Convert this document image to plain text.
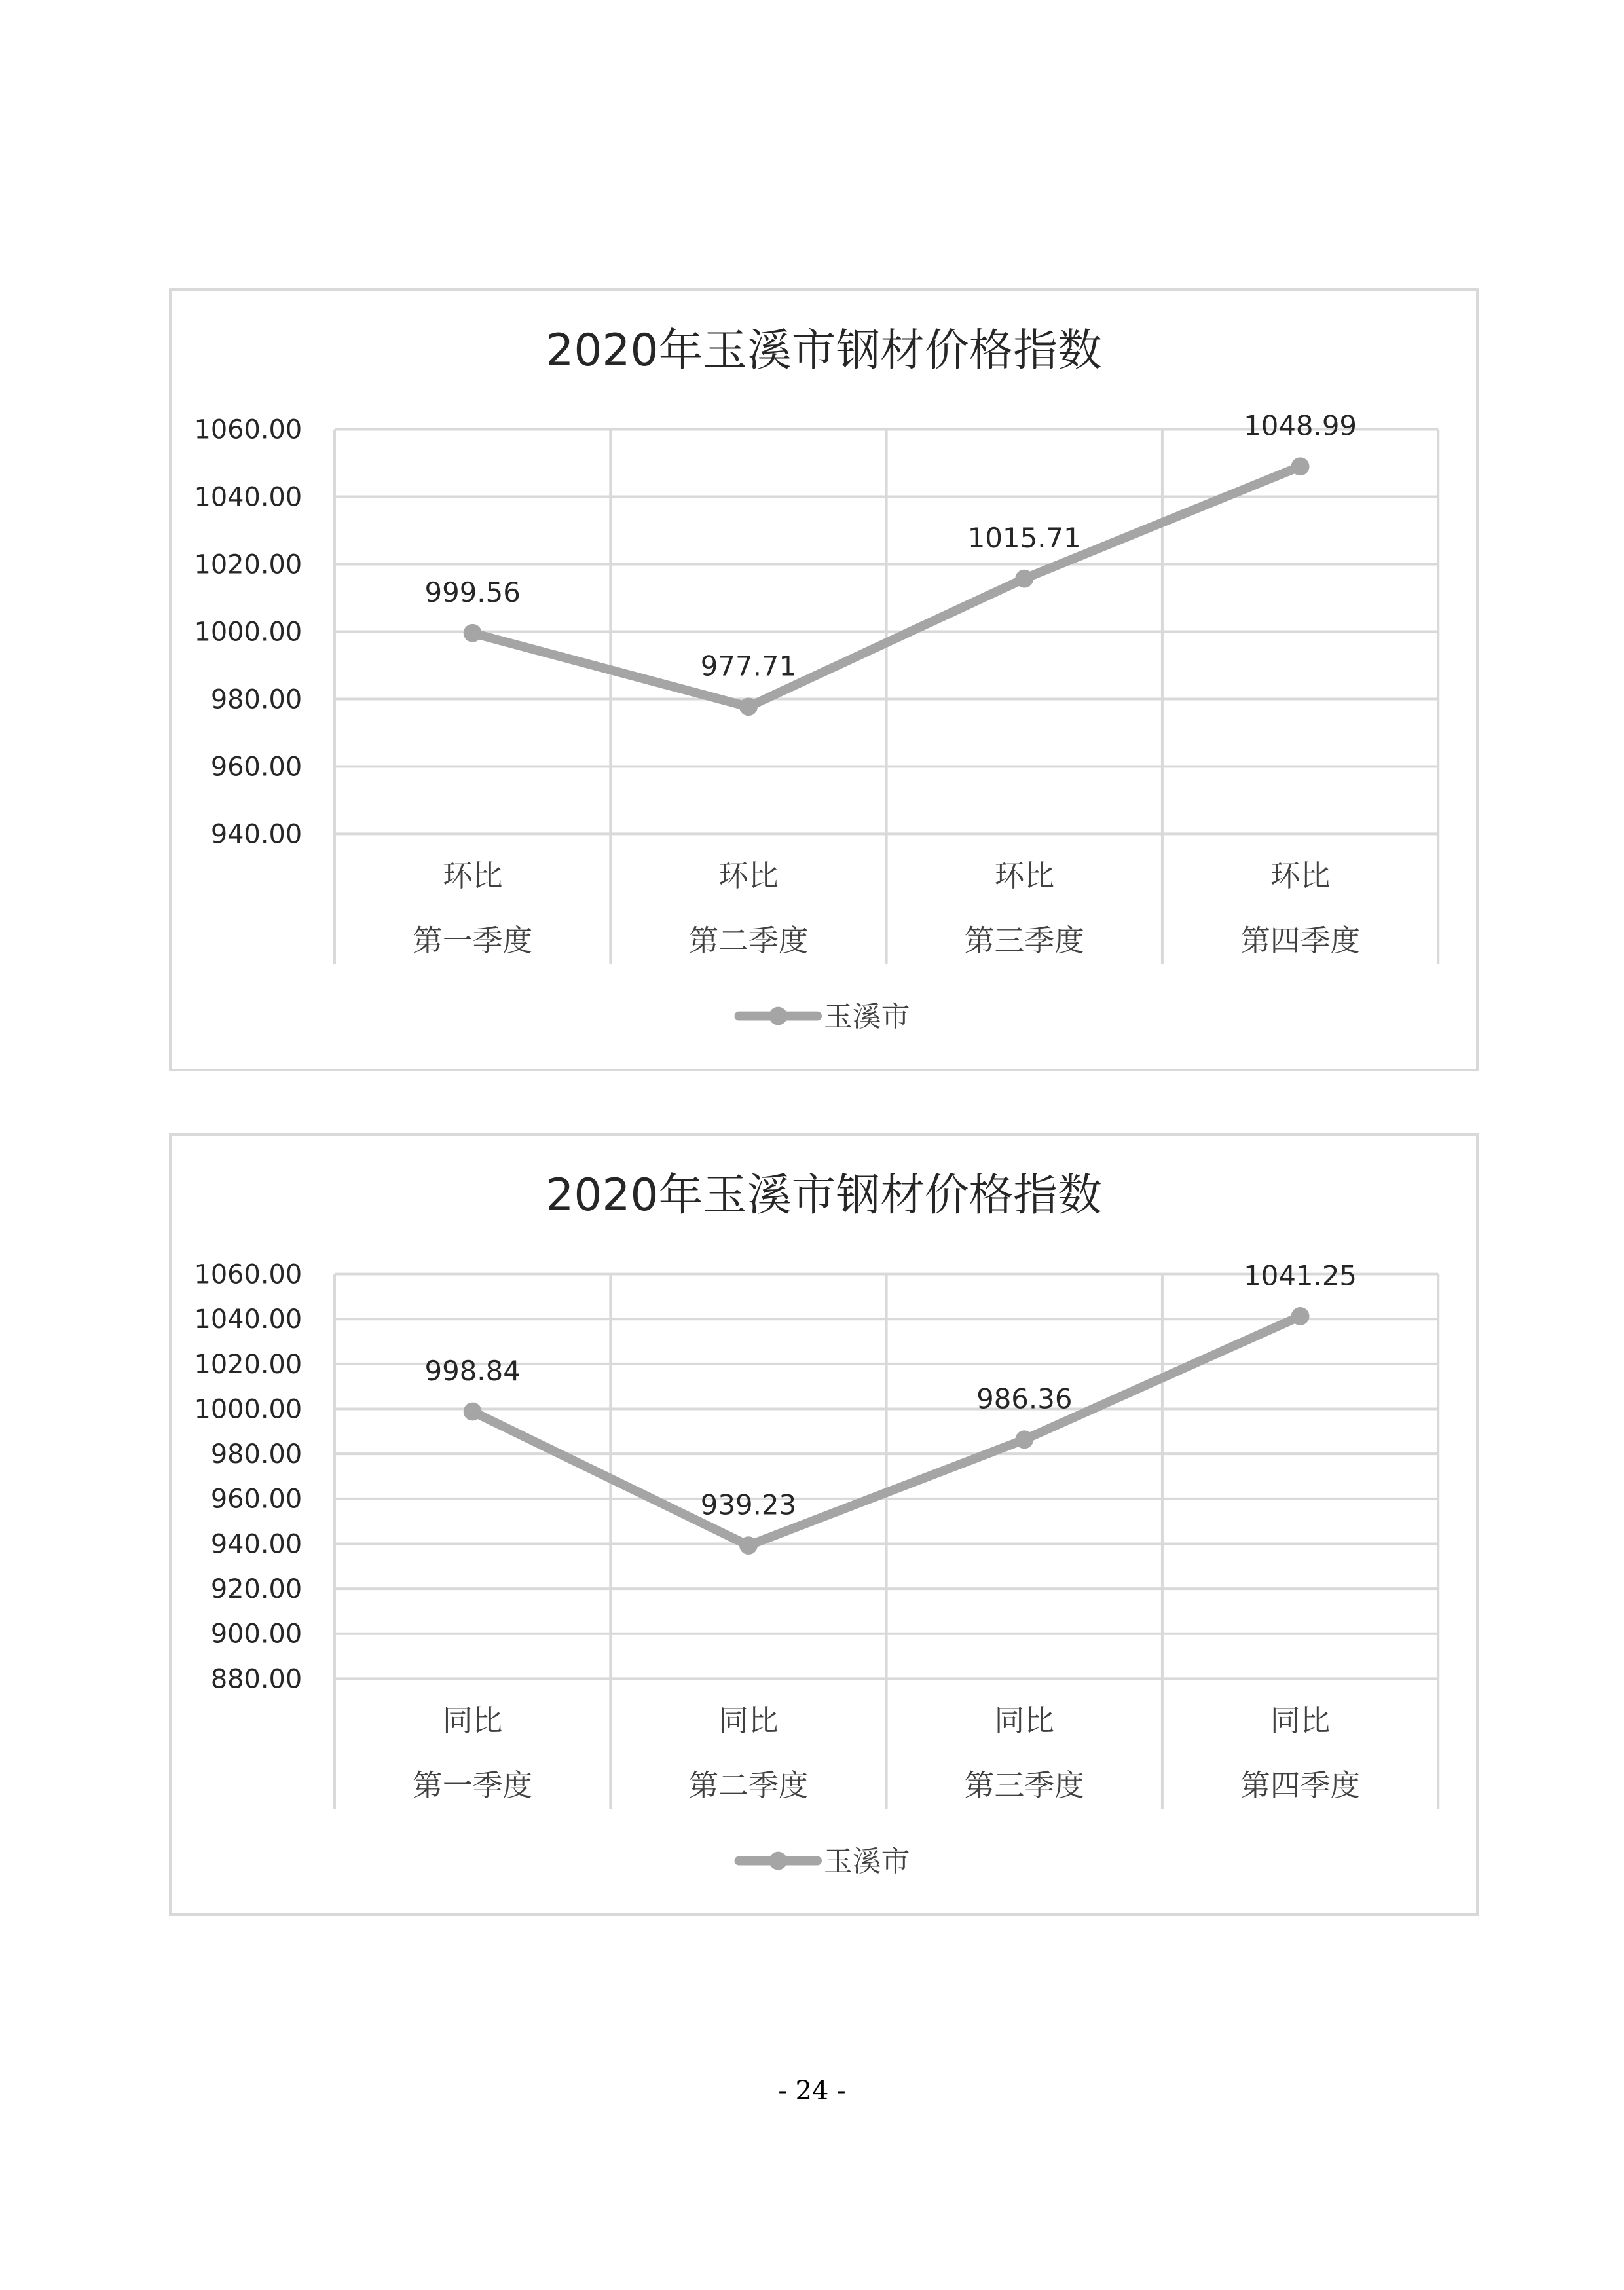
2020年玉溪市钢材价格指数
1060.00
1040.00
1020.00
1000.00
980.00
960.00
940.00
环比
第一季度
环比
第二季度
环比
第三季度
环比
第四季度
999.56
977.71
1015.71
1048.99
玉溪市
2020年玉溪市钢材价格指数
1060.00
1040.00
1020.00
1000.00
980.00
960.00
940.00
920.00
900.00
880.00
同比
第一季度
同比
第二季度
同比
第三季度
同比
第四季度
998.84
939.23
986.36
1041.25
玉溪市
- 24 -
